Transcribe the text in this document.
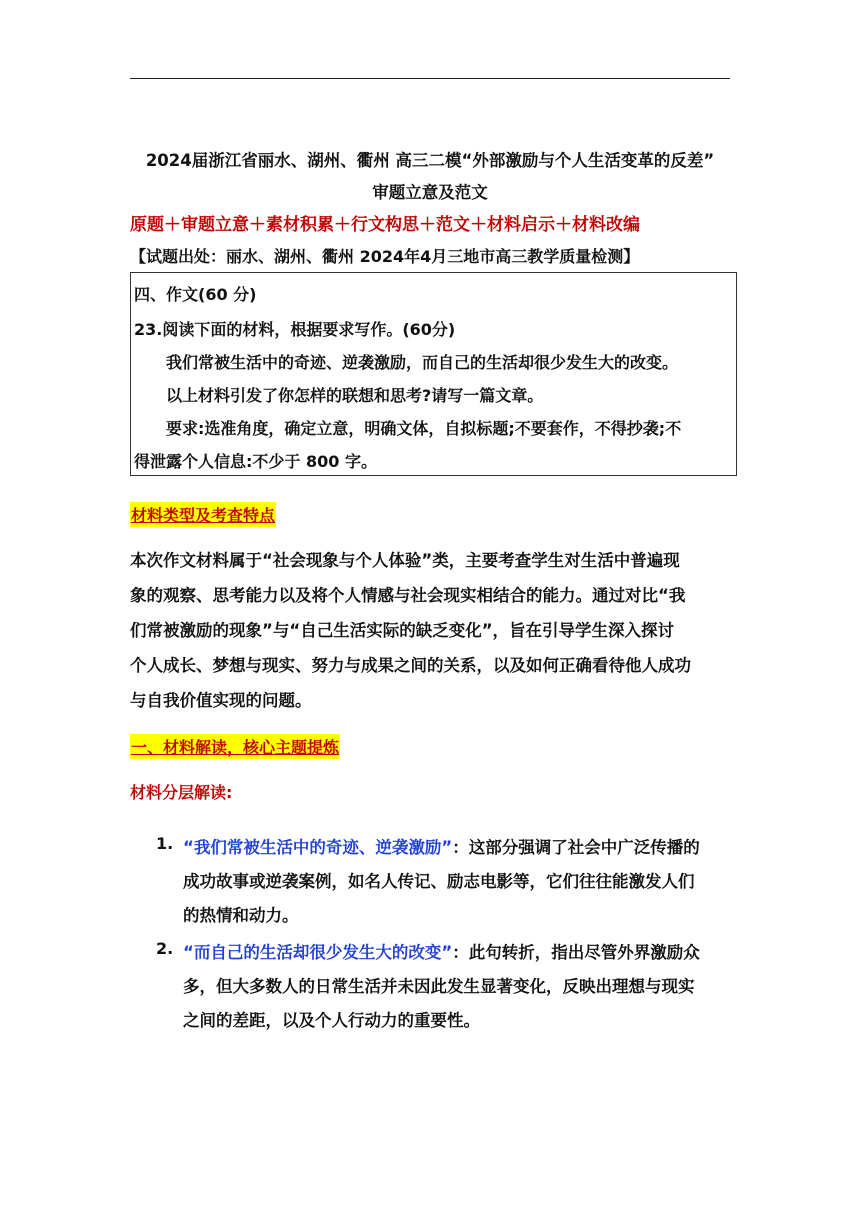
2024届浙江省丽水、湖州、衢州 高三二模“外部激励与个人生活变革的反差”
审题立意及范文
原题＋审题立意＋素材积累＋行文构思＋范文＋材料启示＋材料改编
【试题出处：丽水、湖州、衢州 2024年4月三地市高三教学质量检测】
四、作文(60 分)
23.阅读下面的材料，根据要求写作。(60分)
我们常被生活中的奇迹、逆袭激励，而自己的生活却很少发生大的改变。
以上材料引发了你怎样的联想和思考?请写一篇文章。
要求:选准角度，确定立意，明确文体，自拟标题;不要套作，不得抄袭;不
得泄露个人信息:不少于 800 字。
材料类型及考查特点
本次作文材料属于“社会现象与个人体验”类，主要考查学生对生活中普遍现
象的观察、思考能力以及将个人情感与社会现实相结合的能力。通过对比“我
们常被激励的现象”与“自己生活实际的缺乏变化”，旨在引导学生深入探讨
个人成长、梦想与现实、努力与成果之间的关系，以及如何正确看待他人成功
与自我价值实现的问题。
一、材料解读，核心主题提炼
材料分层解读:
1. “我们常被生活中的奇迹、逆袭激励”：这部分强调了社会中广泛传播的
成功故事或逆袭案例，如名人传记、励志电影等，它们往往能激发人们
的热情和动力。
2. “而自己的生活却很少发生大的改变”：此句转折，指出尽管外界激励众
多，但大多数人的日常生活并未因此发生显著变化，反映出理想与现实
之间的差距，以及个人行动力的重要性。
